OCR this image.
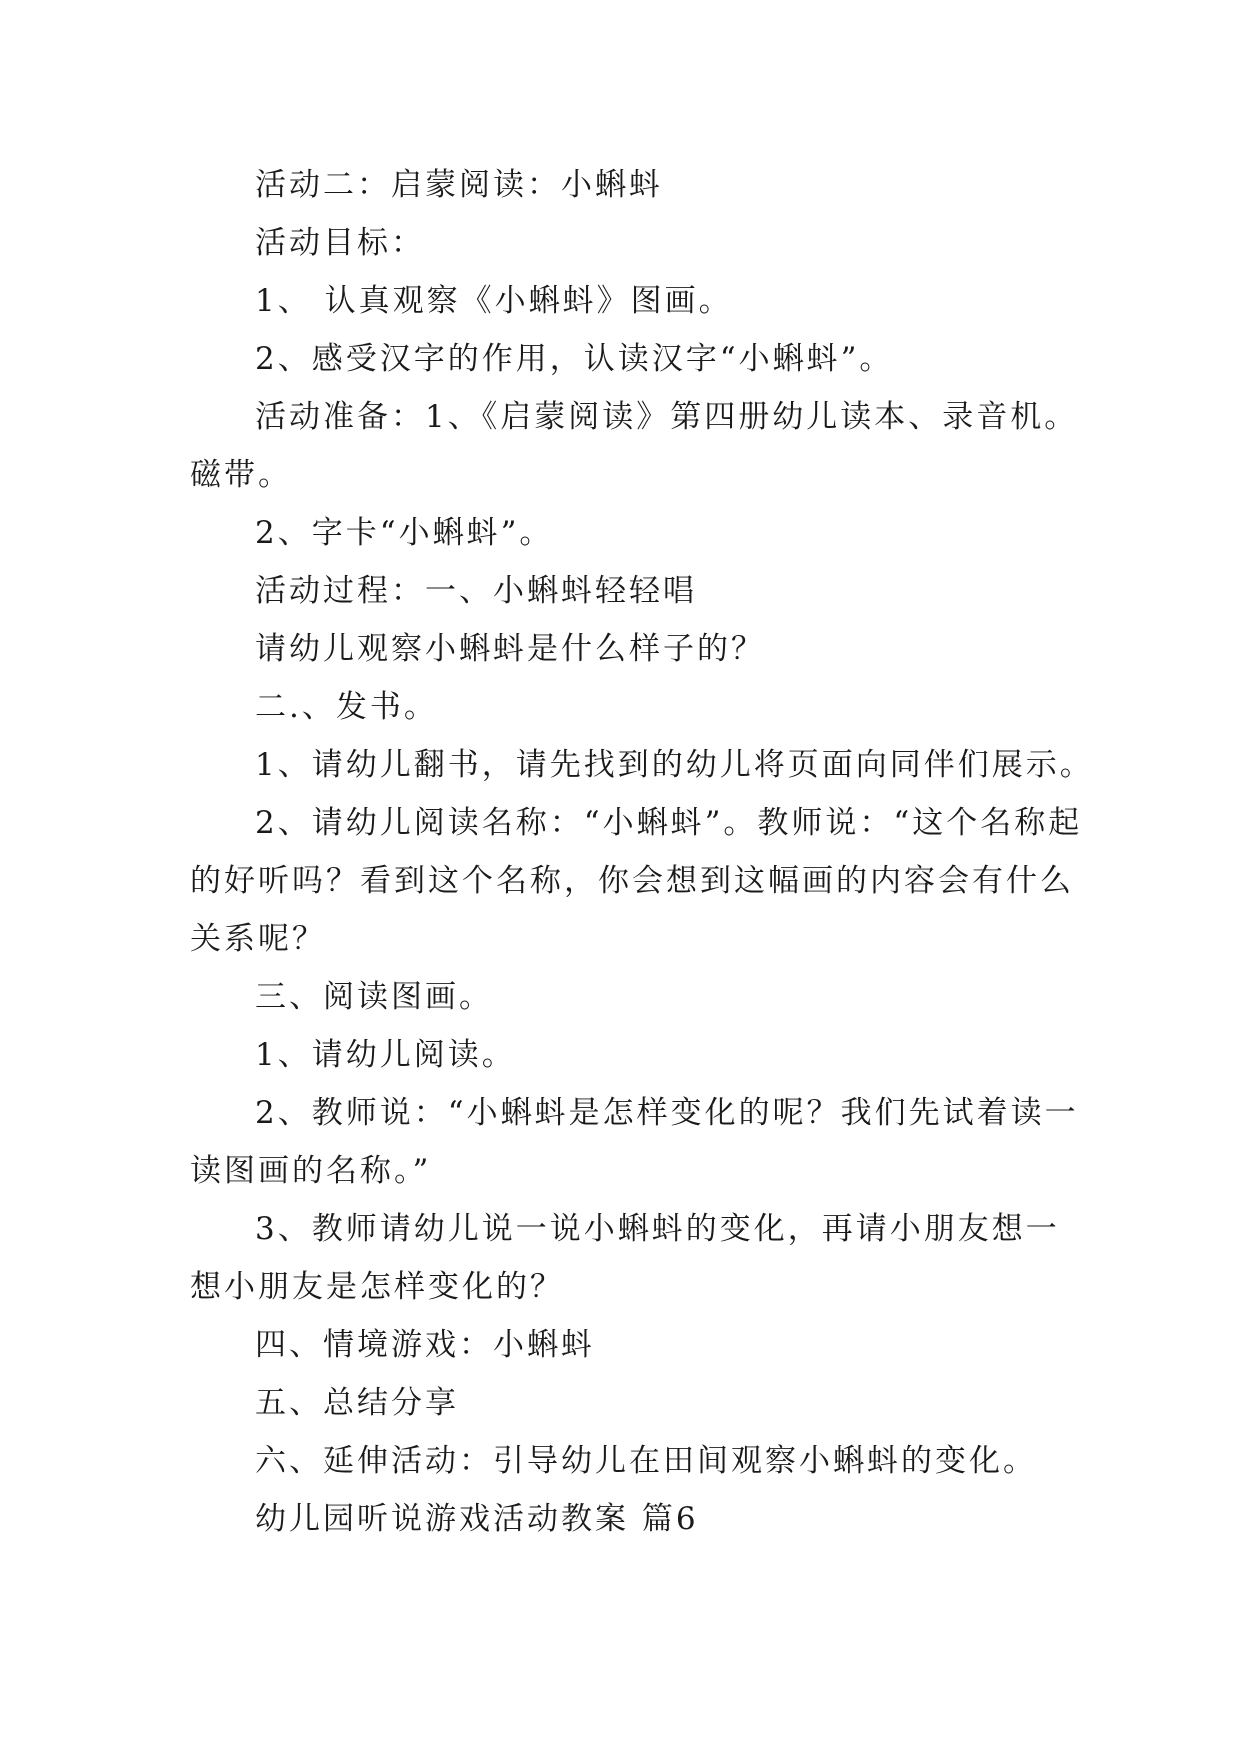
活动二：启蒙阅读：小蝌蚪
活动目标：
1、 认真观察《小蝌蚪》图画。
2、感受汉字的作用，认读汉字“小蝌蚪”。
活动准备：1、《启蒙阅读》第四册幼儿读本、录音机。
磁带。
2、字卡“小蝌蚪”。
活动过程：一、小蝌蚪轻轻唱
请幼儿观察小蝌蚪是什么样子的？
二.、发书。
1、请幼儿翻书，请先找到的幼儿将页面向同伴们展示。
2、请幼儿阅读名称：“小蝌蚪”。教师说：“这个名称起
的好听吗？看到这个名称，你会想到这幅画的内容会有什么
关系呢？
三、阅读图画。
1、请幼儿阅读。
2、教师说：“小蝌蚪是怎样变化的呢？我们先试着读一
读图画的名称。”
3、教师请幼儿说一说小蝌蚪的变化，再请小朋友想一
想小朋友是怎样变化的？
四、情境游戏：小蝌蚪
五、总结分享
六、延伸活动：引导幼儿在田间观察小蝌蚪的变化。
幼儿园听说游戏活动教案 篇6
